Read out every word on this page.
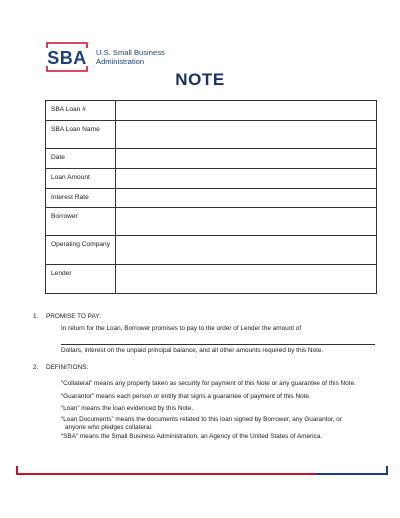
SBA U.S. Small Business
Administration
NOTE
SBA Loan #	
SBA Loan Name	
Date	
Loan Amount	
Interest Rate	
Borrower	
Operating Company	
Lender	
1. PROMISE TO PAY:
In return for the Loan, Borrower promises to pay to the order of Lender the amount of
Dollars, interest on the unpaid principal balance, and all other amounts required by this Note.
2. DEFINITIONS:
“Collateral” means any property taken as security for payment of this Note or any guarantee of this Note.
“Guarantor” means each person or entity that signs a guarantee of payment of this Note.
“Loan” means the loan evidenced by this Note.
“Loan Documents” means the documents related to this loan signed by Borrower, any Guarantor, or
anyone who pledges collateral.
“SBA” means the Small Business Administration, an Agency of the United States of America.
